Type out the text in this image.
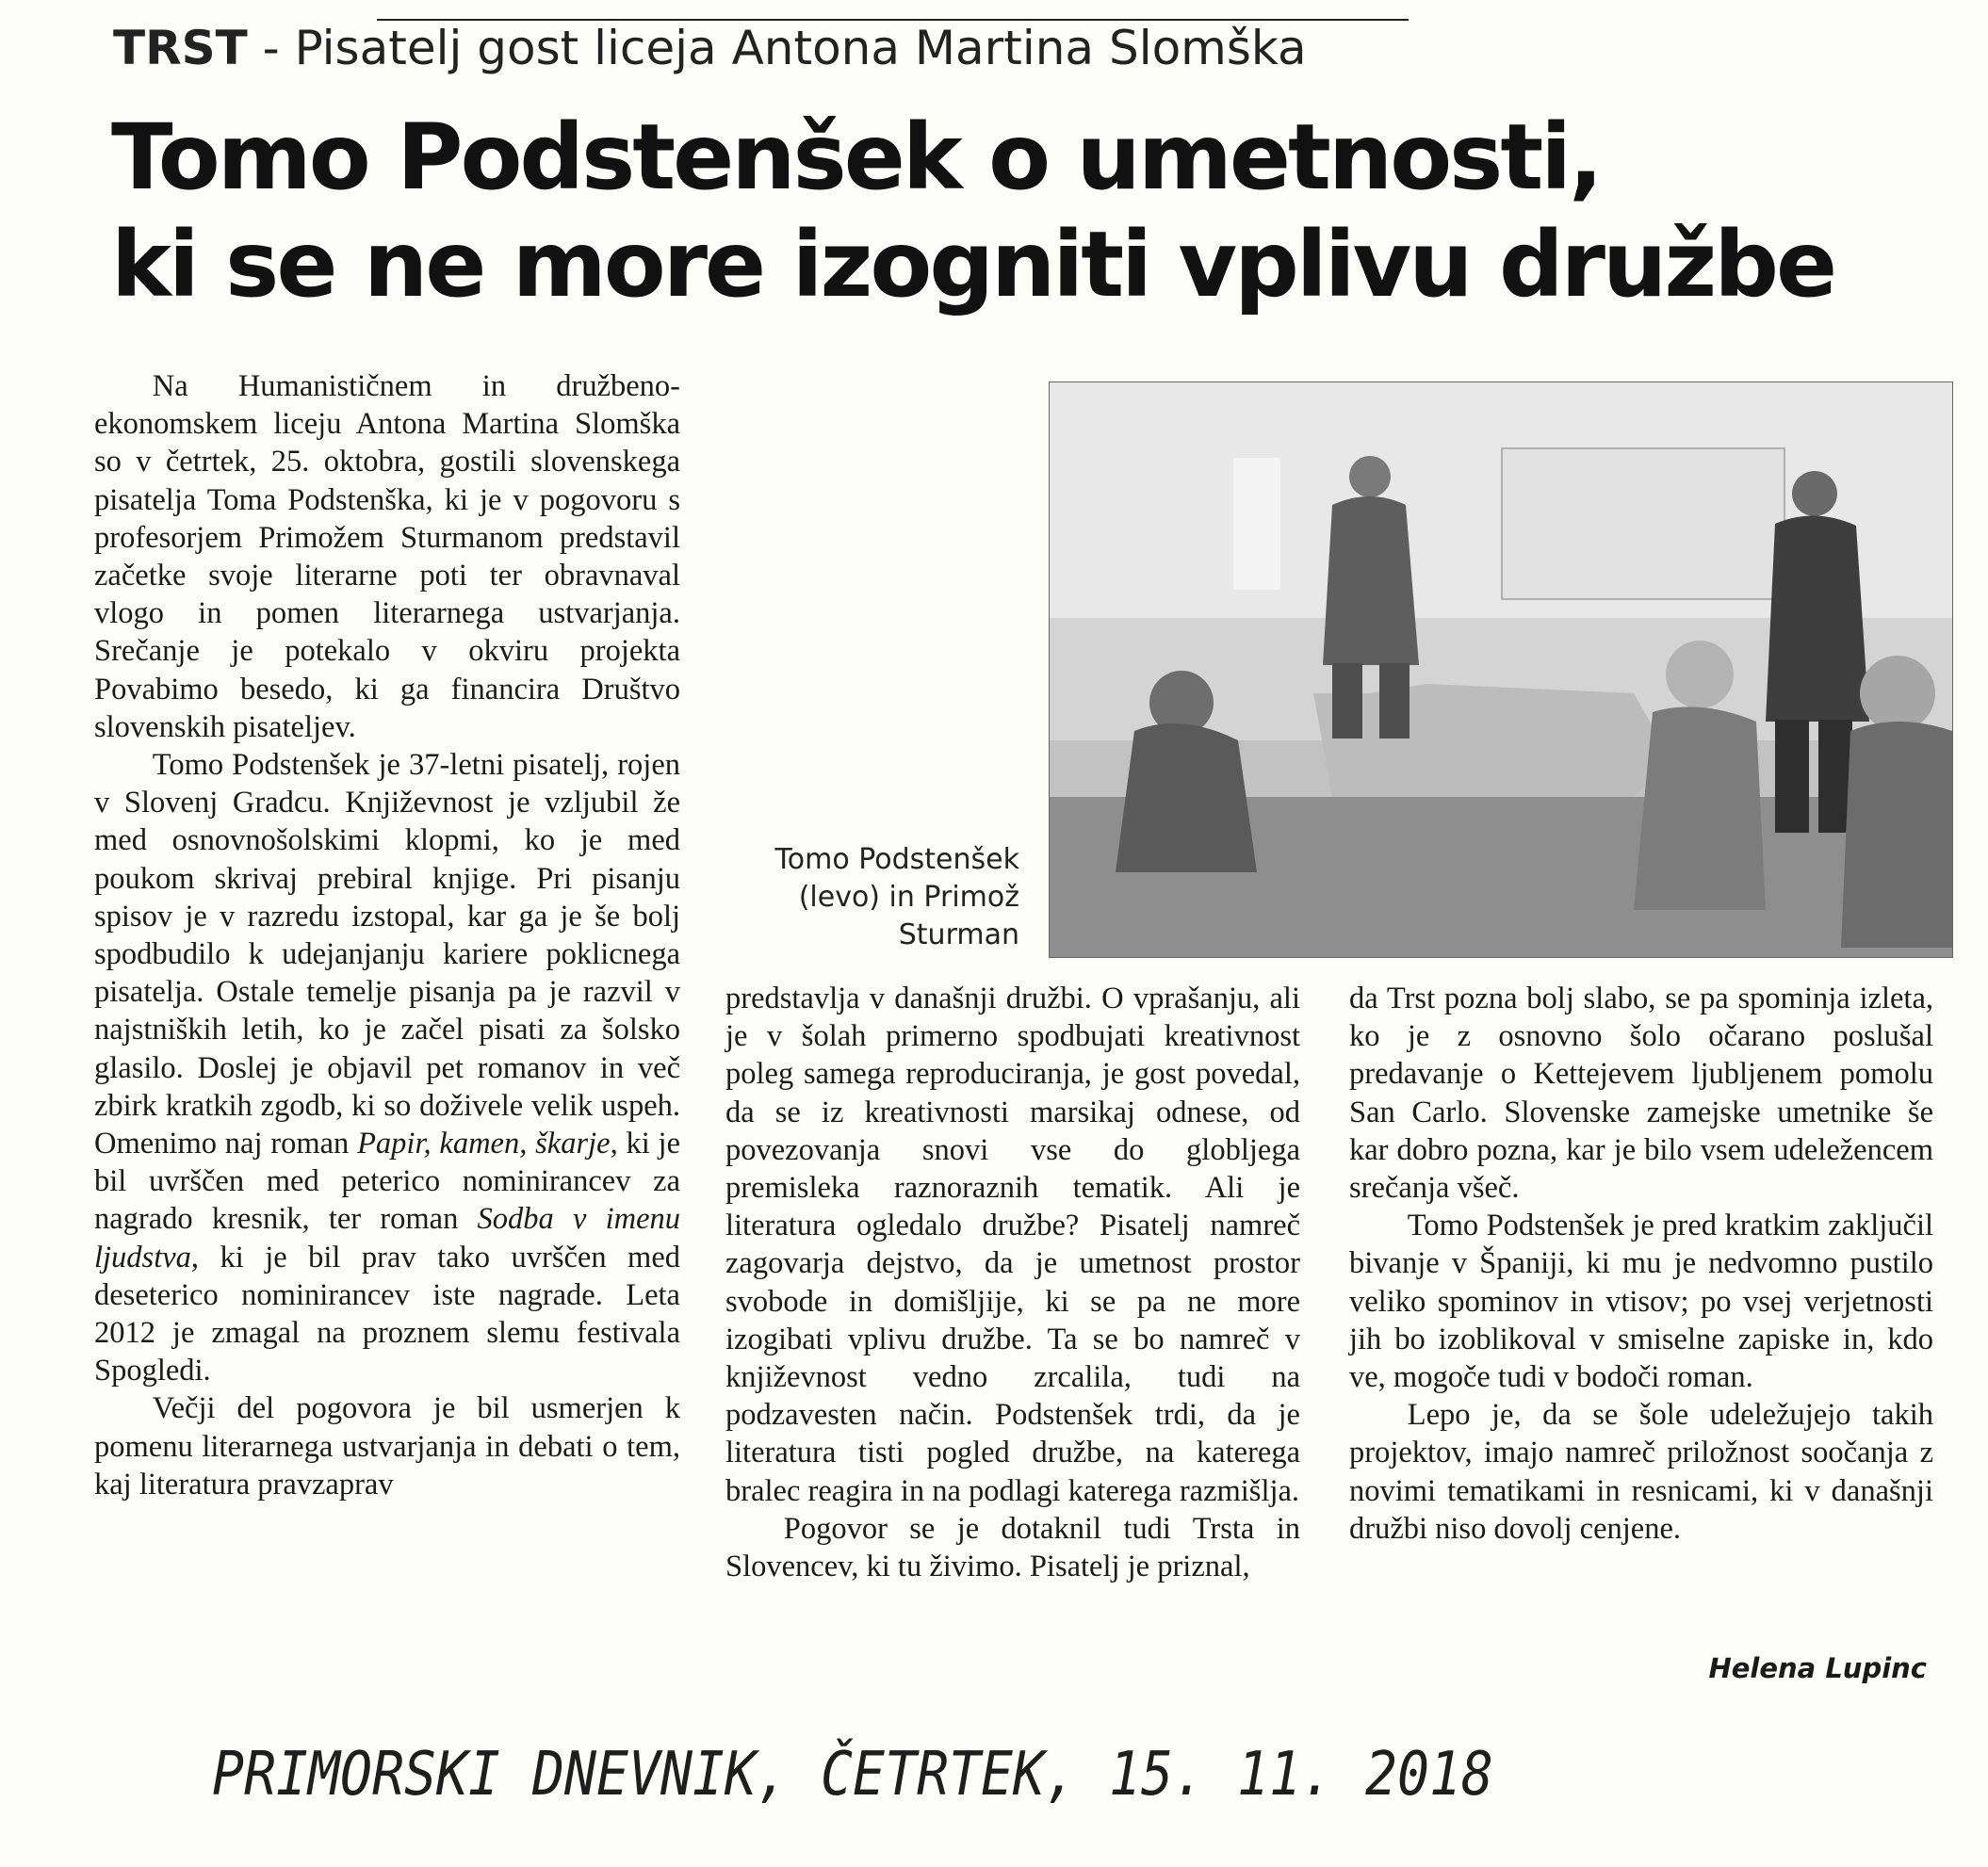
TRST - Pisatelj gost liceja Antona Martina Slomška
Tomo Podstenšek o umetnosti,
ki se ne more izogniti vplivu družbe

Na Humanističnem in družbeno-ekonomskem liceju Antona Martina Slomška so v četrtek, 25. oktobra, gostili slovenskega pisatelja Toma Podstenška, ki je v pogovoru s profesorjem Primožem Sturmanom predstavil začetke svoje literarne poti ter obravnaval vlogo in pomen literarnega ustvarjanja. Srečanje je potekalo v okviru projekta Povabimo besedo, ki ga financira Društvo slovenskih pisateljev.

Tomo Podstenšek je 37-letni pisatelj, rojen v Slovenj Gradcu. Književnost je vzljubil že med osnovnošolskimi klopmi, ko je med poukom skrivaj prebiral knjige. Pri pisanju spisov je v razredu izstopal, kar ga je še bolj spodbudilo k udejanjanju kariere poklicnega pisatelja. Ostale temelje pisanja pa je razvil v najstniških letih, ko je začel pisati za šolsko glasilo. Doslej je objavil pet romanov in več zbirk kratkih zgodb, ki so doživele velik uspeh. Omenimo naj roman Papir, kamen, škarje, ki je bil uvrščen med peterico nominirancev za nagrado kresnik, ter roman Sodba v imenu ljudstva, ki je bil prav tako uvrščen med deseterico nominirancev iste nagrade. Leta 2012 je zmagal na proznem slemu festivala Spogledi.

Večji del pogovora je bil usmerjen k pomenu literarnega ustvarjanja in debati o tem, kaj literatura pravzaprav

Tomo Podstenšek
(levo) in Primož
Sturman

predstavlja v današnji družbi. O vprašanju, ali je v šolah primerno spodbujati kreativnost poleg samega reproduciranja, je gost povedal, da se iz kreativnosti marsikaj odnese, od povezovanja snovi vse do globljega premisleka raznoraznih tematik. Ali je literatura ogledalo družbe? Pisatelj namreč zagovarja dejstvo, da je umetnost prostor svobode in domišljije, ki se pa ne more izogibati vplivu družbe. Ta se bo namreč v književnost vedno zrcalila, tudi na podzavesten način. Podstenšek trdi, da je literatura tisti pogled družbe, na katerega bralec reagira in na podlagi katerega razmišlja.

Pogovor se je dotaknil tudi Trsta in Slovencev, ki tu živimo. Pisatelj je priznal,

da Trst pozna bolj slabo, se pa spominja izleta, ko je z osnovno šolo očarano poslušal predavanje o Kettejevem ljubljenem pomolu San Carlo. Slovenske zamejske umetnike še kar dobro pozna, kar je bilo vsem udeležencem srečanja všeč.

Tomo Podstenšek je pred kratkim zaključil bivanje v Španiji, ki mu je nedvomno pustilo veliko spominov in vtisov; po vsej verjetnosti jih bo izoblikoval v smiselne zapiske in, kdo ve, mogoče tudi v bodoči roman.

Lepo je, da se šole udeležujejo takih projektov, imajo namreč priložnost soočanja z novimi tematikami in resnicami, ki v današnji družbi niso dovolj cenjene.

Helena Lupinc
PRIMORSKI DNEVNIK, ČETRTEK, 15. 11. 2018
